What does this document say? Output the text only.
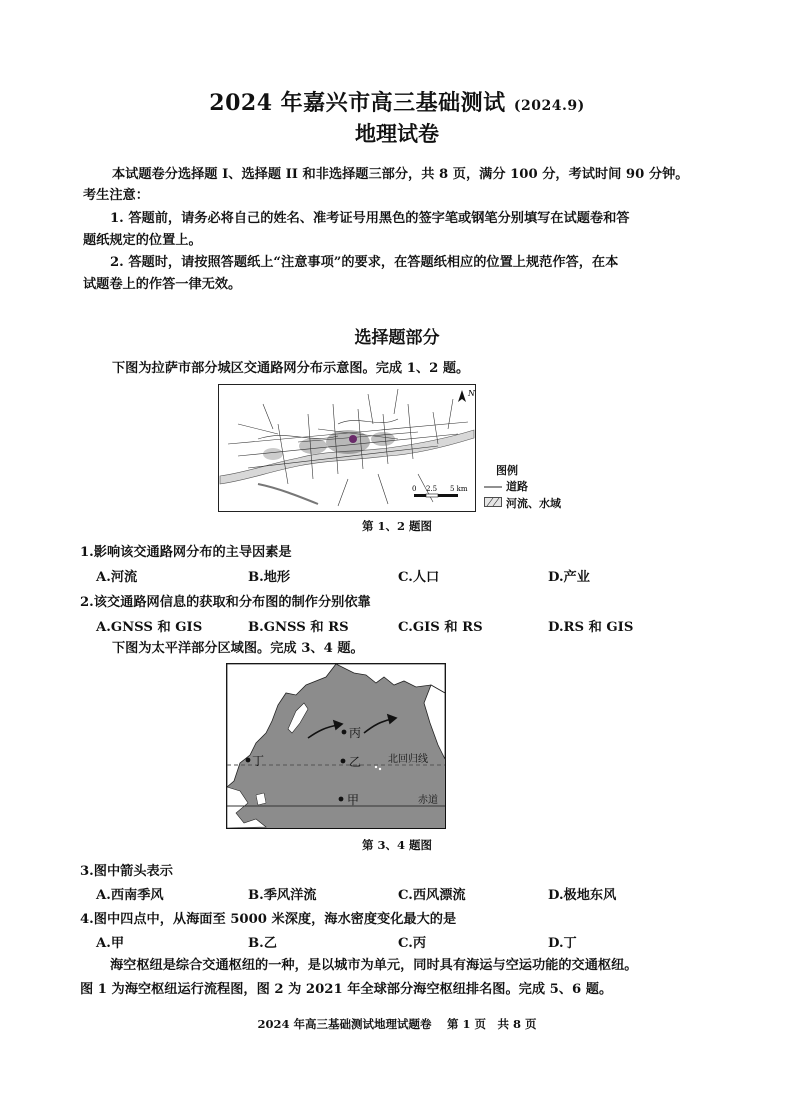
2024 年嘉兴市高三基础测试 (2024.9)
地理试卷
本试题卷分选择题 I、选择题 II 和非选择题三部分，共 8 页，满分 100 分，考试时间 90 分钟。
考生注意：
1. 答题前，请务必将自己的姓名、准考证号用黑色的签字笔或钢笔分别填写在试题卷和答
题纸规定的位置上。
2. 答题时，请按照答题纸上“注意事项”的要求，在答题纸相应的位置上规范作答，在本
试题卷上的作答一律无效。
选择题部分
下图为拉萨市部分城区交通路网分布示意图。完成 1、2 题。
N
0 2.5 5 km
图例
道路
河流、水域
第 1、2 题图
1.影响该交通路网分布的主导因素是
A.河流	B.地形	C.人口	D.产业
2.该交通路网信息的获取和分布图的制作分别依靠
A.GNSS 和 GIS	B.GNSS 和 RS	C.GIS 和 RS	D.RS 和 GIS
下图为太平洋部分区域图。完成 3、4 题。
丙
乙
甲
丁	北回归线
赤道
第 3、4 题图
3.图中箭头表示
A.西南季风	B.季风洋流	C.西风漂流	D.极地东风
4.图中四点中，从海面至 5000 米深度，海水密度变化最大的是
A.甲	B.乙	C.丙	D.丁
海空枢纽是综合交通枢纽的一种，是以城市为单元，同时具有海运与空运功能的交通枢纽。
图 1 为海空枢纽运行流程图，图 2 为 2021 年全球部分海空枢纽排名图。完成 5、6 题。
2024 年高三基础测试地理试题卷　 第 1 页　共 8 页
